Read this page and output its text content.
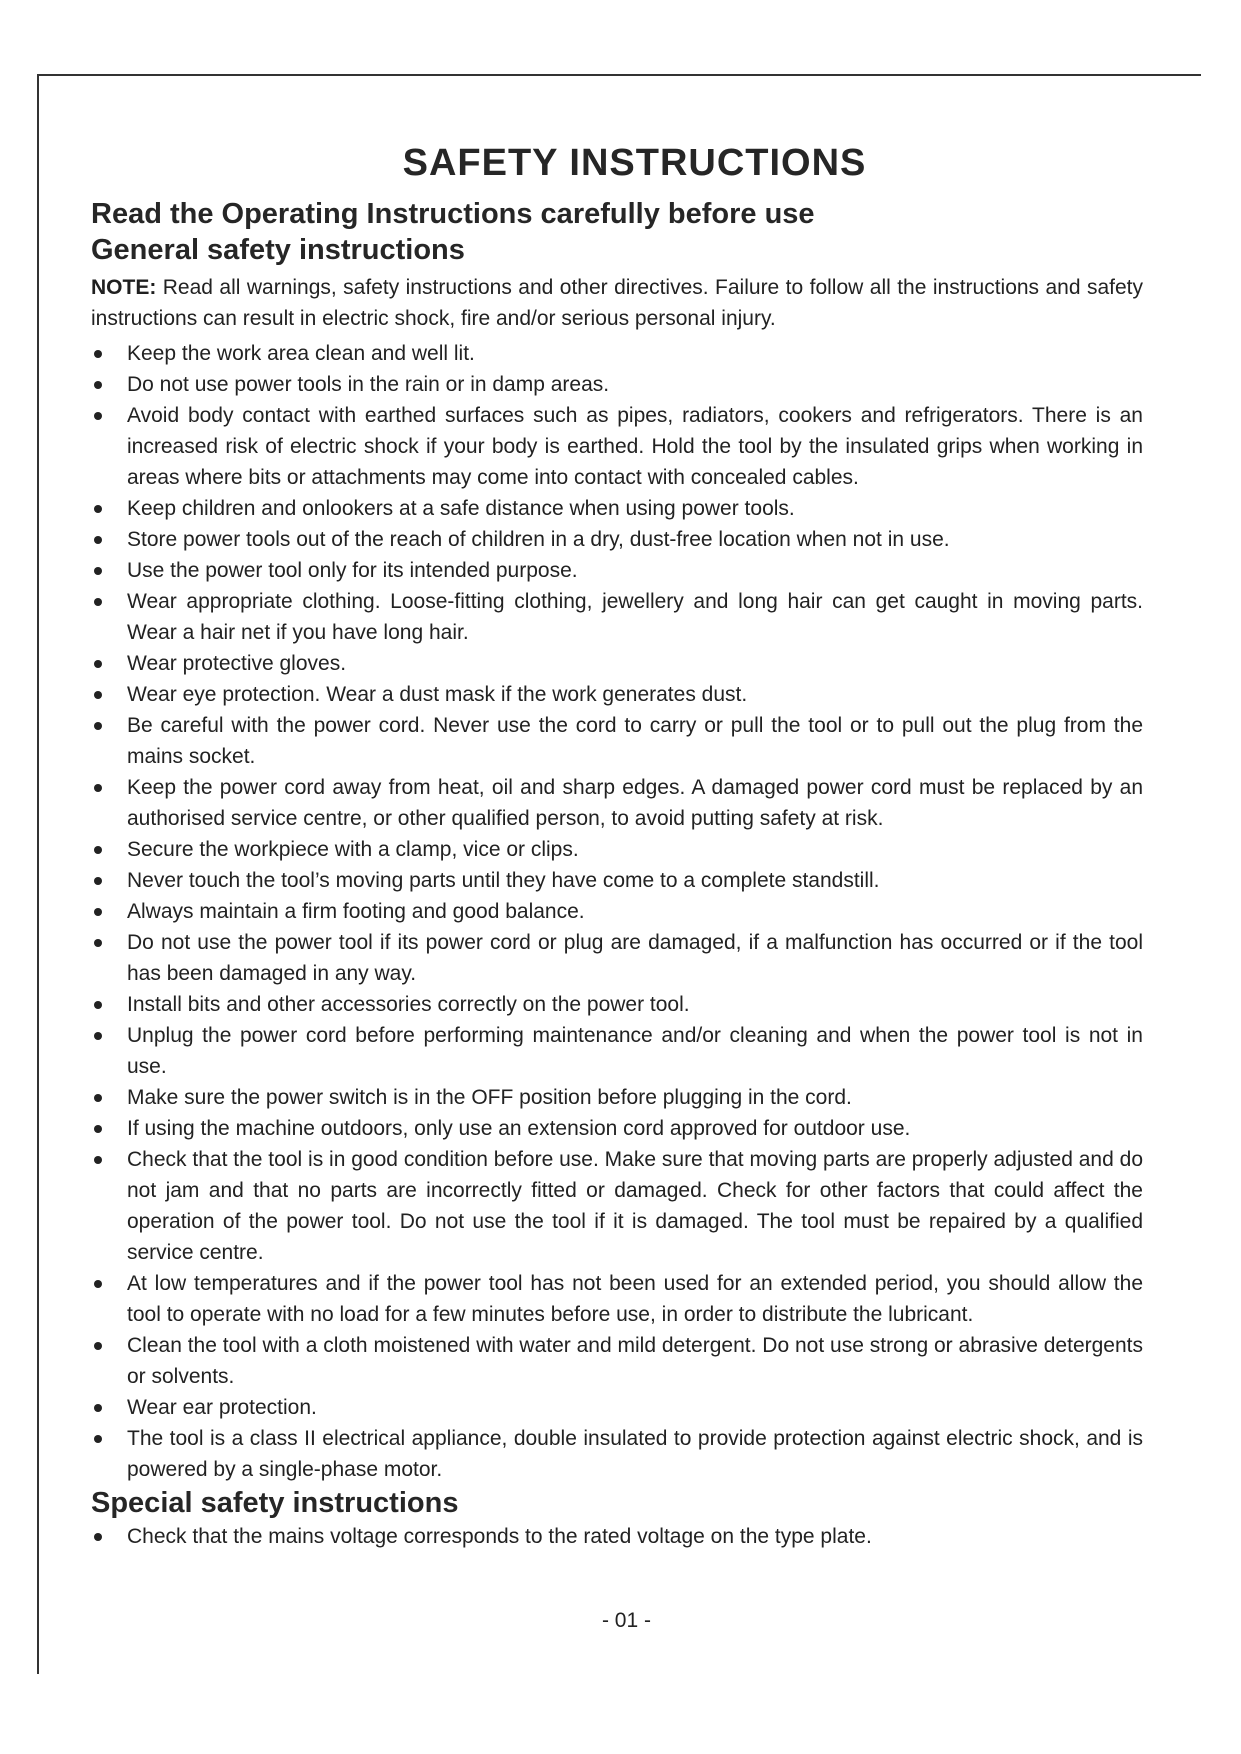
SAFETY INSTRUCTIONS
Read the Operating Instructions carefully before use
General safety instructions

NOTE: Read all warnings, safety instructions and other directives. Failure to follow all the instructions and safety instructions can result in electric shock, fire and/or serious personal injury.

Keep the work area clean and well lit.
Do not use power tools in the rain or in damp areas.
Avoid body contact with earthed surfaces such as pipes, radiators, cookers and refrigerators. There is an increased risk of electric shock if your body is earthed. Hold the tool by the insulated grips when working in areas where bits or attachments may come into contact with concealed cables.
Keep children and onlookers at a safe distance when using power tools.
Store power tools out of the reach of children in a dry, dust-free location when not in use.
Use the power tool only for its intended purpose.
Wear appropriate clothing. Loose-fitting clothing, jewellery and long hair can get caught in moving parts. Wear a hair net if you have long hair.
Wear protective gloves.
Wear eye protection. Wear a dust mask if the work generates dust.
Be careful with the power cord. Never use the cord to carry or pull the tool or to pull out the plug from the mains socket.
Keep the power cord away from heat, oil and sharp edges. A damaged power cord must be replaced by an authorised service centre, or other qualified person, to avoid putting safety at risk.
Secure the workpiece with a clamp, vice or clips.
Never touch the tool’s moving parts until they have come to a complete standstill.
Always maintain a firm footing and good balance.
Do not use the power tool if its power cord or plug are damaged, if a malfunction has occurred or if the tool has been damaged in any way.
Install bits and other accessories correctly on the power tool.
Unplug the power cord before performing maintenance and/or cleaning and when the power tool is not in use.
Make sure the power switch is in the OFF position before plugging in the cord.
If using the machine outdoors, only use an extension cord approved for outdoor use.
Check that the tool is in good condition before use. Make sure that moving parts are properly adjusted and do not jam and that no parts are incorrectly fitted or damaged. Check for other factors that could affect the operation of the power tool. Do not use the tool if it is damaged. The tool must be repaired by a qualified service centre.
At low temperatures and if the power tool has not been used for an extended period, you should allow the tool to operate with no load for a few minutes before use, in order to distribute the lubricant.
Clean the tool with a cloth moistened with water and mild detergent. Do not use strong or abrasive detergents or solvents.
Wear ear protection.
The tool is a class II electrical appliance, double insulated to provide protection against electric shock, and is powered by a single-phase motor.
Special safety instructions
Check that the mains voltage corresponds to the rated voltage on the type plate.
- 01 -
